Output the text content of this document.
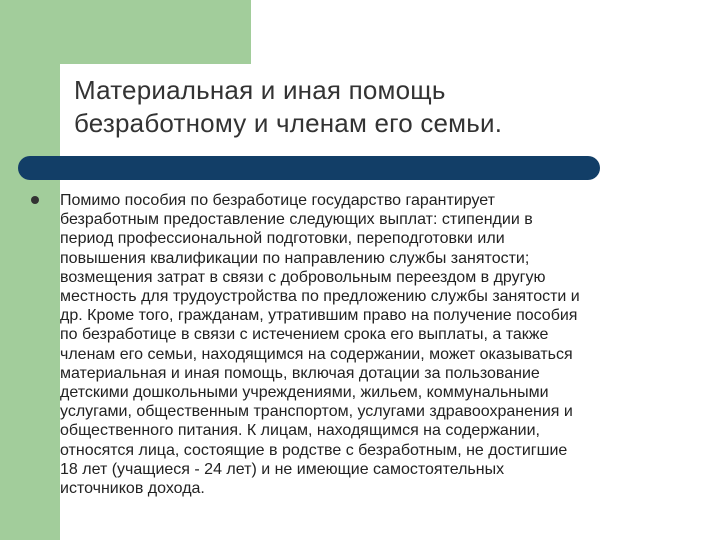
Материальная и иная помощь
безработному и членам его семьи.

Помимо пособия по безработице государство гарантирует
безработным предоставление следующих выплат: стипендии в
период профессиональной подготовки, переподготовки или
повышения квалификации по направлению службы занятости;
возмещения затрат в связи с добровольным переездом в другую
местность для трудоустройства по предложению службы занятости и
др. Кроме того, гражданам, утратившим право на получение пособия
по безработице в связи с истечением срока его выплаты, а также
членам его семьи, находящимся на содержании, может оказываться
материальная и иная помощь, включая дотации за пользование
детскими дошкольными учреждениями, жильем, коммунальными
услугами, общественным транспортом, услугами здравоохранения и
общественного питания. К лицам, находящимся на содержании,
относятся лица, состоящие в родстве с безработным, не достигшие
18 лет (учащиеся - 24 лет) и не имеющие самостоятельных
источников дохода.
